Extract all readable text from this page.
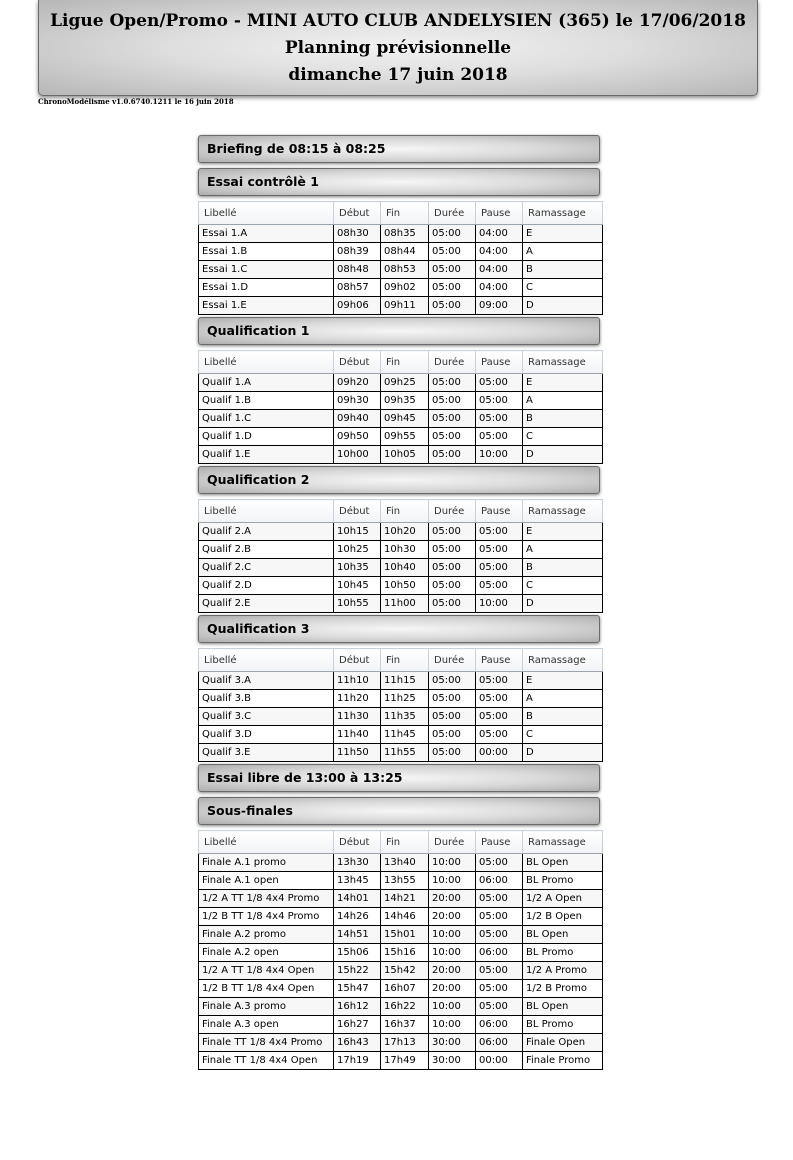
Ligue Open/Promo - MINI AUTO CLUB ANDELYSIEN (365) le 17/06/2018
Planning prévisionnelle
dimanche 17 juin 2018
ChronoModélisme v1.0.6740.1211 le 16 juin 2018
Briefing de 08:15 à 08:25
Essai contrôlè 1
Libellé	Début	Fin	Durée	Pause	Ramassage
Essai 1.A	08h30	08h35	05:00	04:00	E
Essai 1.B	08h39	08h44	05:00	04:00	A
Essai 1.C	08h48	08h53	05:00	04:00	B
Essai 1.D	08h57	09h02	05:00	04:00	C
Essai 1.E	09h06	09h11	05:00	09:00	D
Qualification 1
Libellé	Début	Fin	Durée	Pause	Ramassage
Qualif 1.A	09h20	09h25	05:00	05:00	E
Qualif 1.B	09h30	09h35	05:00	05:00	A
Qualif 1.C	09h40	09h45	05:00	05:00	B
Qualif 1.D	09h50	09h55	05:00	05:00	C
Qualif 1.E	10h00	10h05	05:00	10:00	D
Qualification 2
Libellé	Début	Fin	Durée	Pause	Ramassage
Qualif 2.A	10h15	10h20	05:00	05:00	E
Qualif 2.B	10h25	10h30	05:00	05:00	A
Qualif 2.C	10h35	10h40	05:00	05:00	B
Qualif 2.D	10h45	10h50	05:00	05:00	C
Qualif 2.E	10h55	11h00	05:00	10:00	D
Qualification 3
Libellé	Début	Fin	Durée	Pause	Ramassage
Qualif 3.A	11h10	11h15	05:00	05:00	E
Qualif 3.B	11h20	11h25	05:00	05:00	A
Qualif 3.C	11h30	11h35	05:00	05:00	B
Qualif 3.D	11h40	11h45	05:00	05:00	C
Qualif 3.E	11h50	11h55	05:00	00:00	D
Essai libre de 13:00 à 13:25
Sous-finales
Libellé	Début	Fin	Durée	Pause	Ramassage
Finale A.1 promo	13h30	13h40	10:00	05:00	BL Open
Finale A.1 open	13h45	13h55	10:00	06:00	BL Promo
1/2 A TT 1/8 4x4 Promo	14h01	14h21	20:00	05:00	1/2 A Open
1/2 B TT 1/8 4x4 Promo	14h26	14h46	20:00	05:00	1/2 B Open
Finale A.2 promo	14h51	15h01	10:00	05:00	BL Open
Finale A.2 open	15h06	15h16	10:00	06:00	BL Promo
1/2 A TT 1/8 4x4 Open	15h22	15h42	20:00	05:00	1/2 A Promo
1/2 B TT 1/8 4x4 Open	15h47	16h07	20:00	05:00	1/2 B Promo
Finale A.3 promo	16h12	16h22	10:00	05:00	BL Open
Finale A.3 open	16h27	16h37	10:00	06:00	BL Promo
Finale TT 1/8 4x4 Promo	16h43	17h13	30:00	06:00	Finale Open
Finale TT 1/8 4x4 Open	17h19	17h49	30:00	00:00	Finale Promo
